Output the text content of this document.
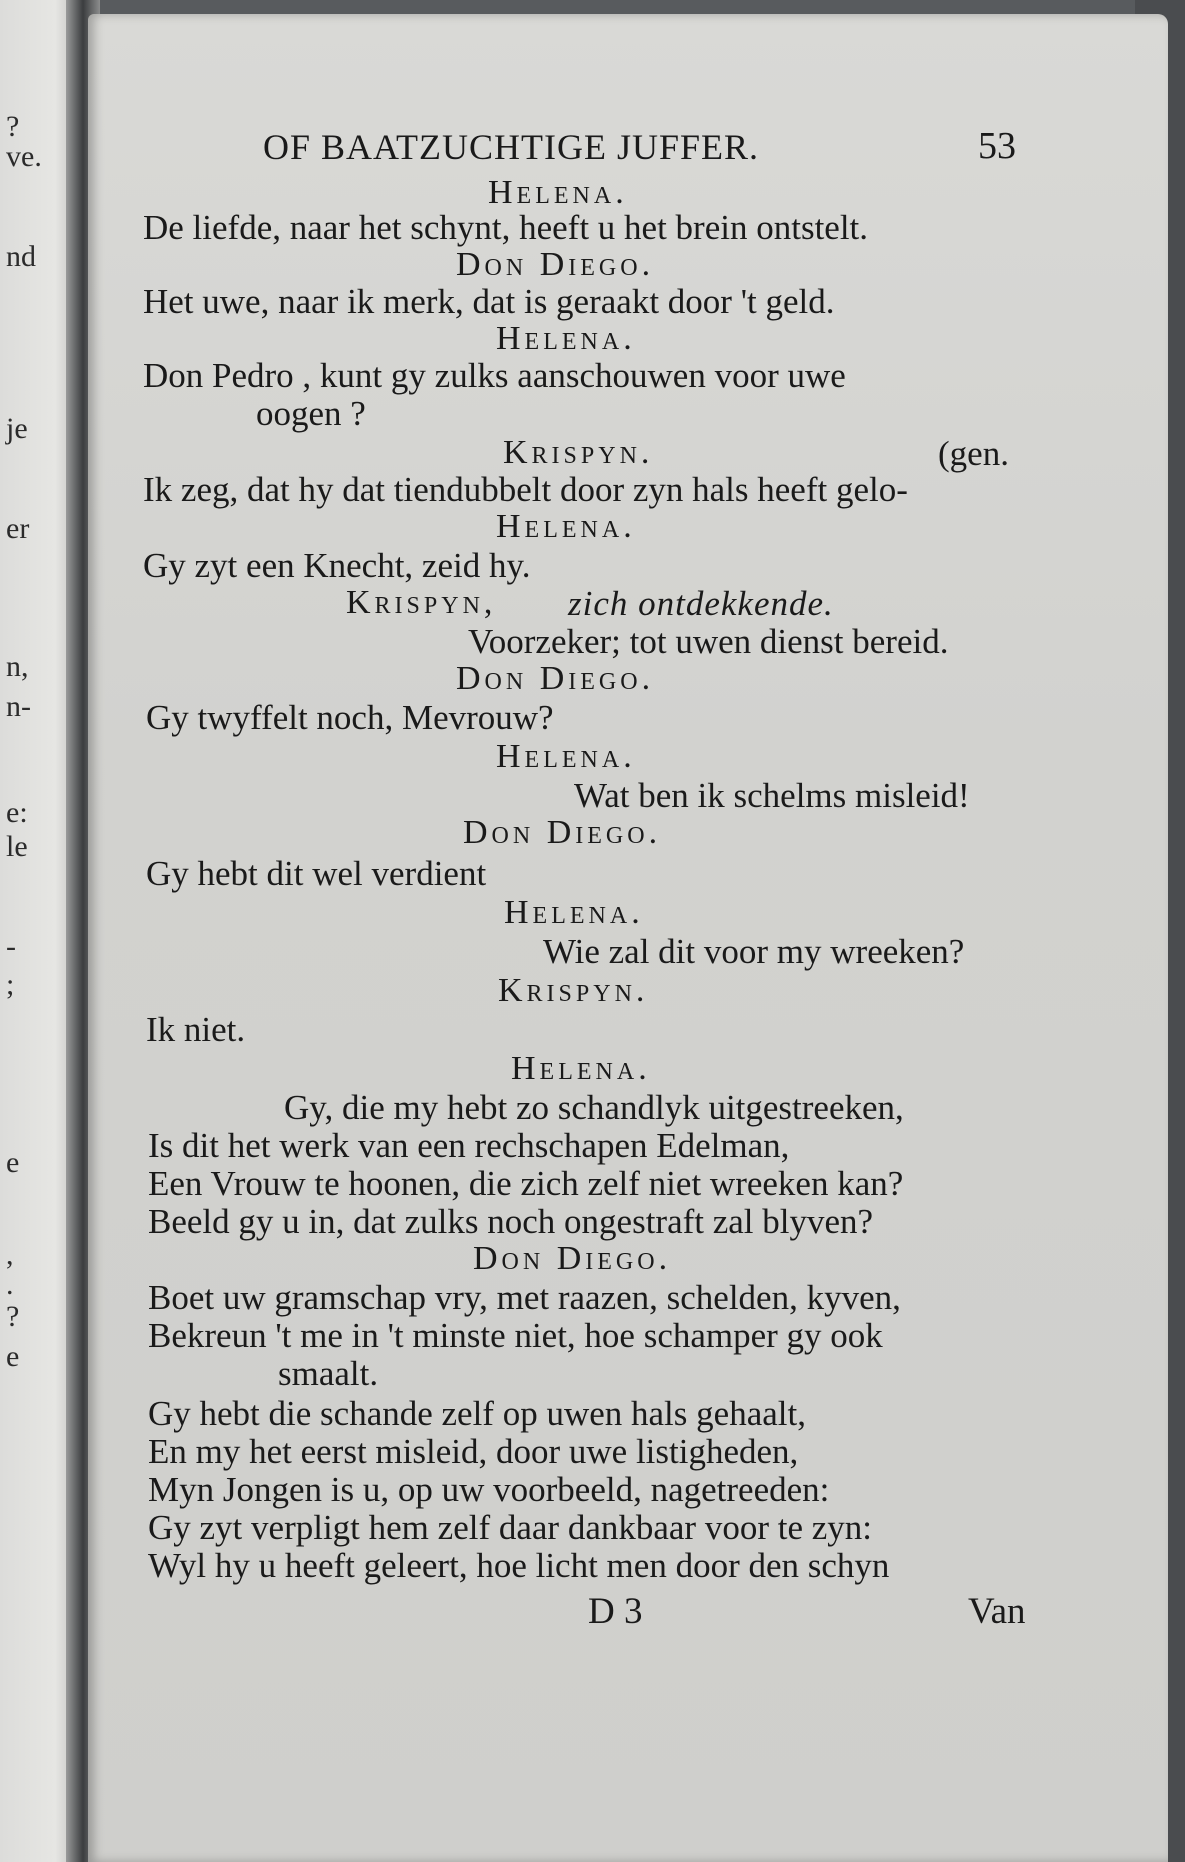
?
ve.
nd
je
er
n,
n-
e:
le
-
;
e
,
.
?
e
OF BAATZUCHTIGE JUFFER.	53
Helena.
De liefde, naar het schynt, heeft u het brein ontstelt.
Don Diego.
Het uwe, naar ik merk, dat is geraakt door 't geld.
Helena.
Don Pedro , kunt gy zulks aanschouwen voor uwe
oogen ?
Krispyn.	(gen.
Ik zeg, dat hy dat tiendubbelt door zyn hals heeft gelo-
Helena.
Gy zyt een Knecht, zeid hy.
Krispyn, zich ontdekkende.
Voorzeker; tot uwen dienst bereid.
Don Diego.
Gy twyffelt noch, Mevrouw?
Helena.
Wat ben ik schelms misleid!
Don Diego.
Gy hebt dit wel verdient
Helena.
Wie zal dit voor my wreeken?
Krispyn.
Ik niet.
Helena.
Gy, die my hebt zo schandlyk uitgestreeken,
Is dit het werk van een rechschapen Edelman,
Een Vrouw te hoonen, die zich zelf niet wreeken kan?
Beeld gy u in, dat zulks noch ongestraft zal blyven?
Don Diego.
Boet uw gramschap vry, met raazen, schelden, kyven,
Bekreun 't me in 't minste niet, hoe schamper gy ook
smaalt.
Gy hebt die schande zelf op uwen hals gehaalt,
En my het eerst misleid, door uwe listigheden,
Myn Jongen is u, op uw voorbeeld, nagetreeden:
Gy zyt verpligt hem zelf daar dankbaar voor te zyn:
Wyl hy u heeft geleert, hoe licht men door den schyn
D 3	Van
